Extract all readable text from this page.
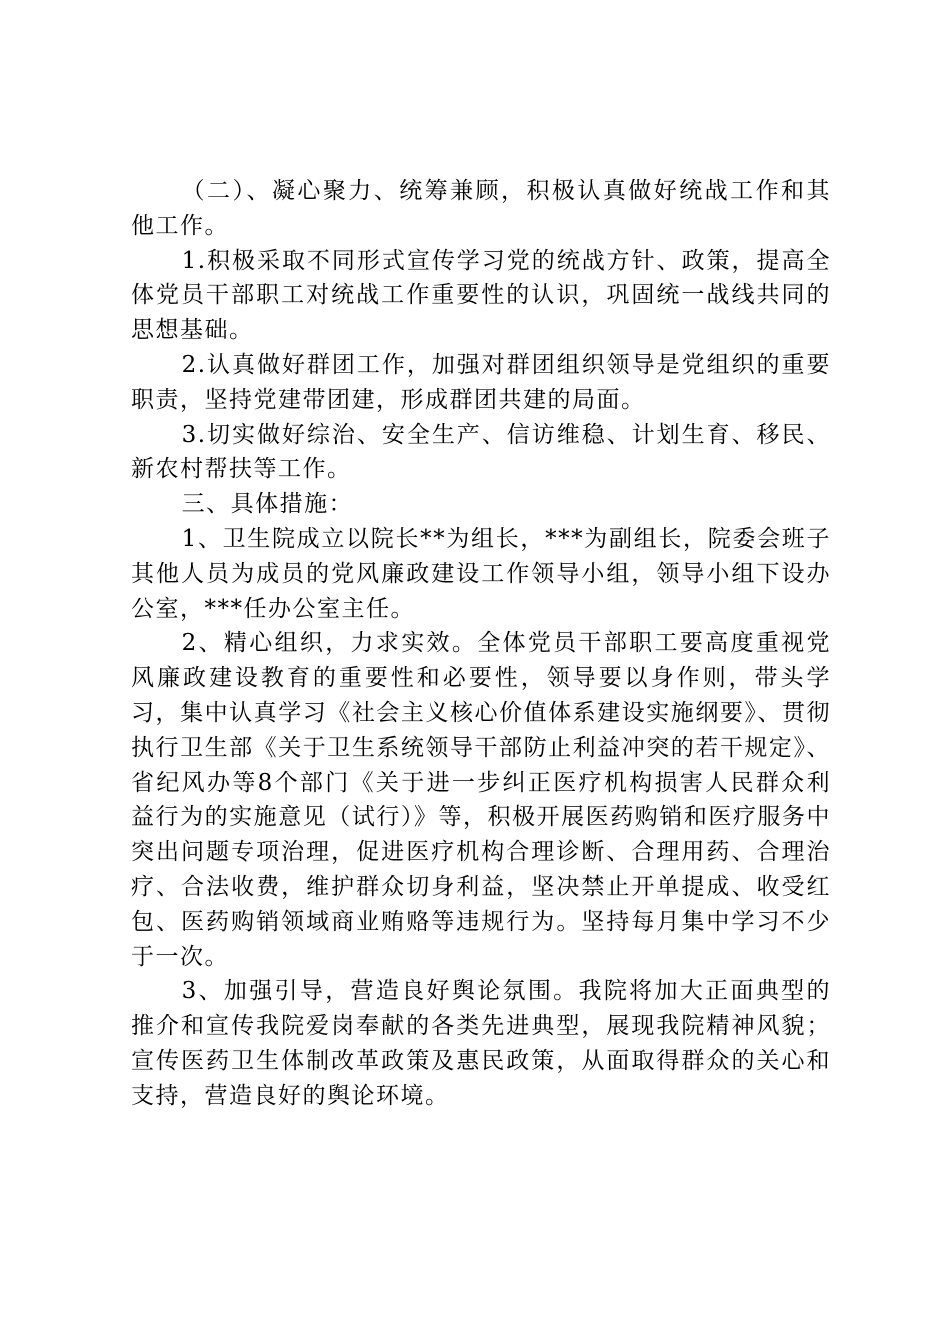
（二）、凝心聚力、统筹兼顾，积极认真做好统战工作和其他工作。

1.积极采取不同形式宣传学习党的统战方针、政策，提高全体党员干部职工对统战工作重要性的认识，巩固统一战线共同的思想基础。

2.认真做好群团工作，加强对群团组织领导是党组织的重要职责，坚持党建带团建，形成群团共建的局面。

3.切实做好综治、安全生产、信访维稳、计划生育、移民、新农村帮扶等工作。

三、具体措施：

1、卫生院成立以院长**为组长，***为副组长，院委会班子其他人员为成员的党风廉政建设工作领导小组，领导小组下设办公室，***任办公室主任。

2、精心组织，力求实效。全体党员干部职工要高度重视党风廉政建设教育的重要性和必要性，领导要以身作则，带头学习，集中认真学习《社会主义核心价值体系建设实施纲要》、贯彻执行卫生部《关于卫生系统领导干部防止利益冲突的若干规定》、省纪风办等8个部门《关于进一步纠正医疗机构损害人民群众利益行为的实施意见（试行）》等，积极开展医药购销和医疗服务中突出问题专项治理，促进医疗机构合理诊断、合理用药、合理治疗、合法收费，维护群众切身利益，坚决禁止开单提成、收受红包、医药购销领域商业贿赂等违规行为。坚持每月集中学习不少于一次。

3、加强引导，营造良好舆论氛围。我院将加大正面典型的推介和宣传我院爱岗奉献的各类先进典型，展现我院精神风貌；宣传医药卫生体制改革政策及惠民政策，从面取得群众的关心和支持，营造良好的舆论环境。
